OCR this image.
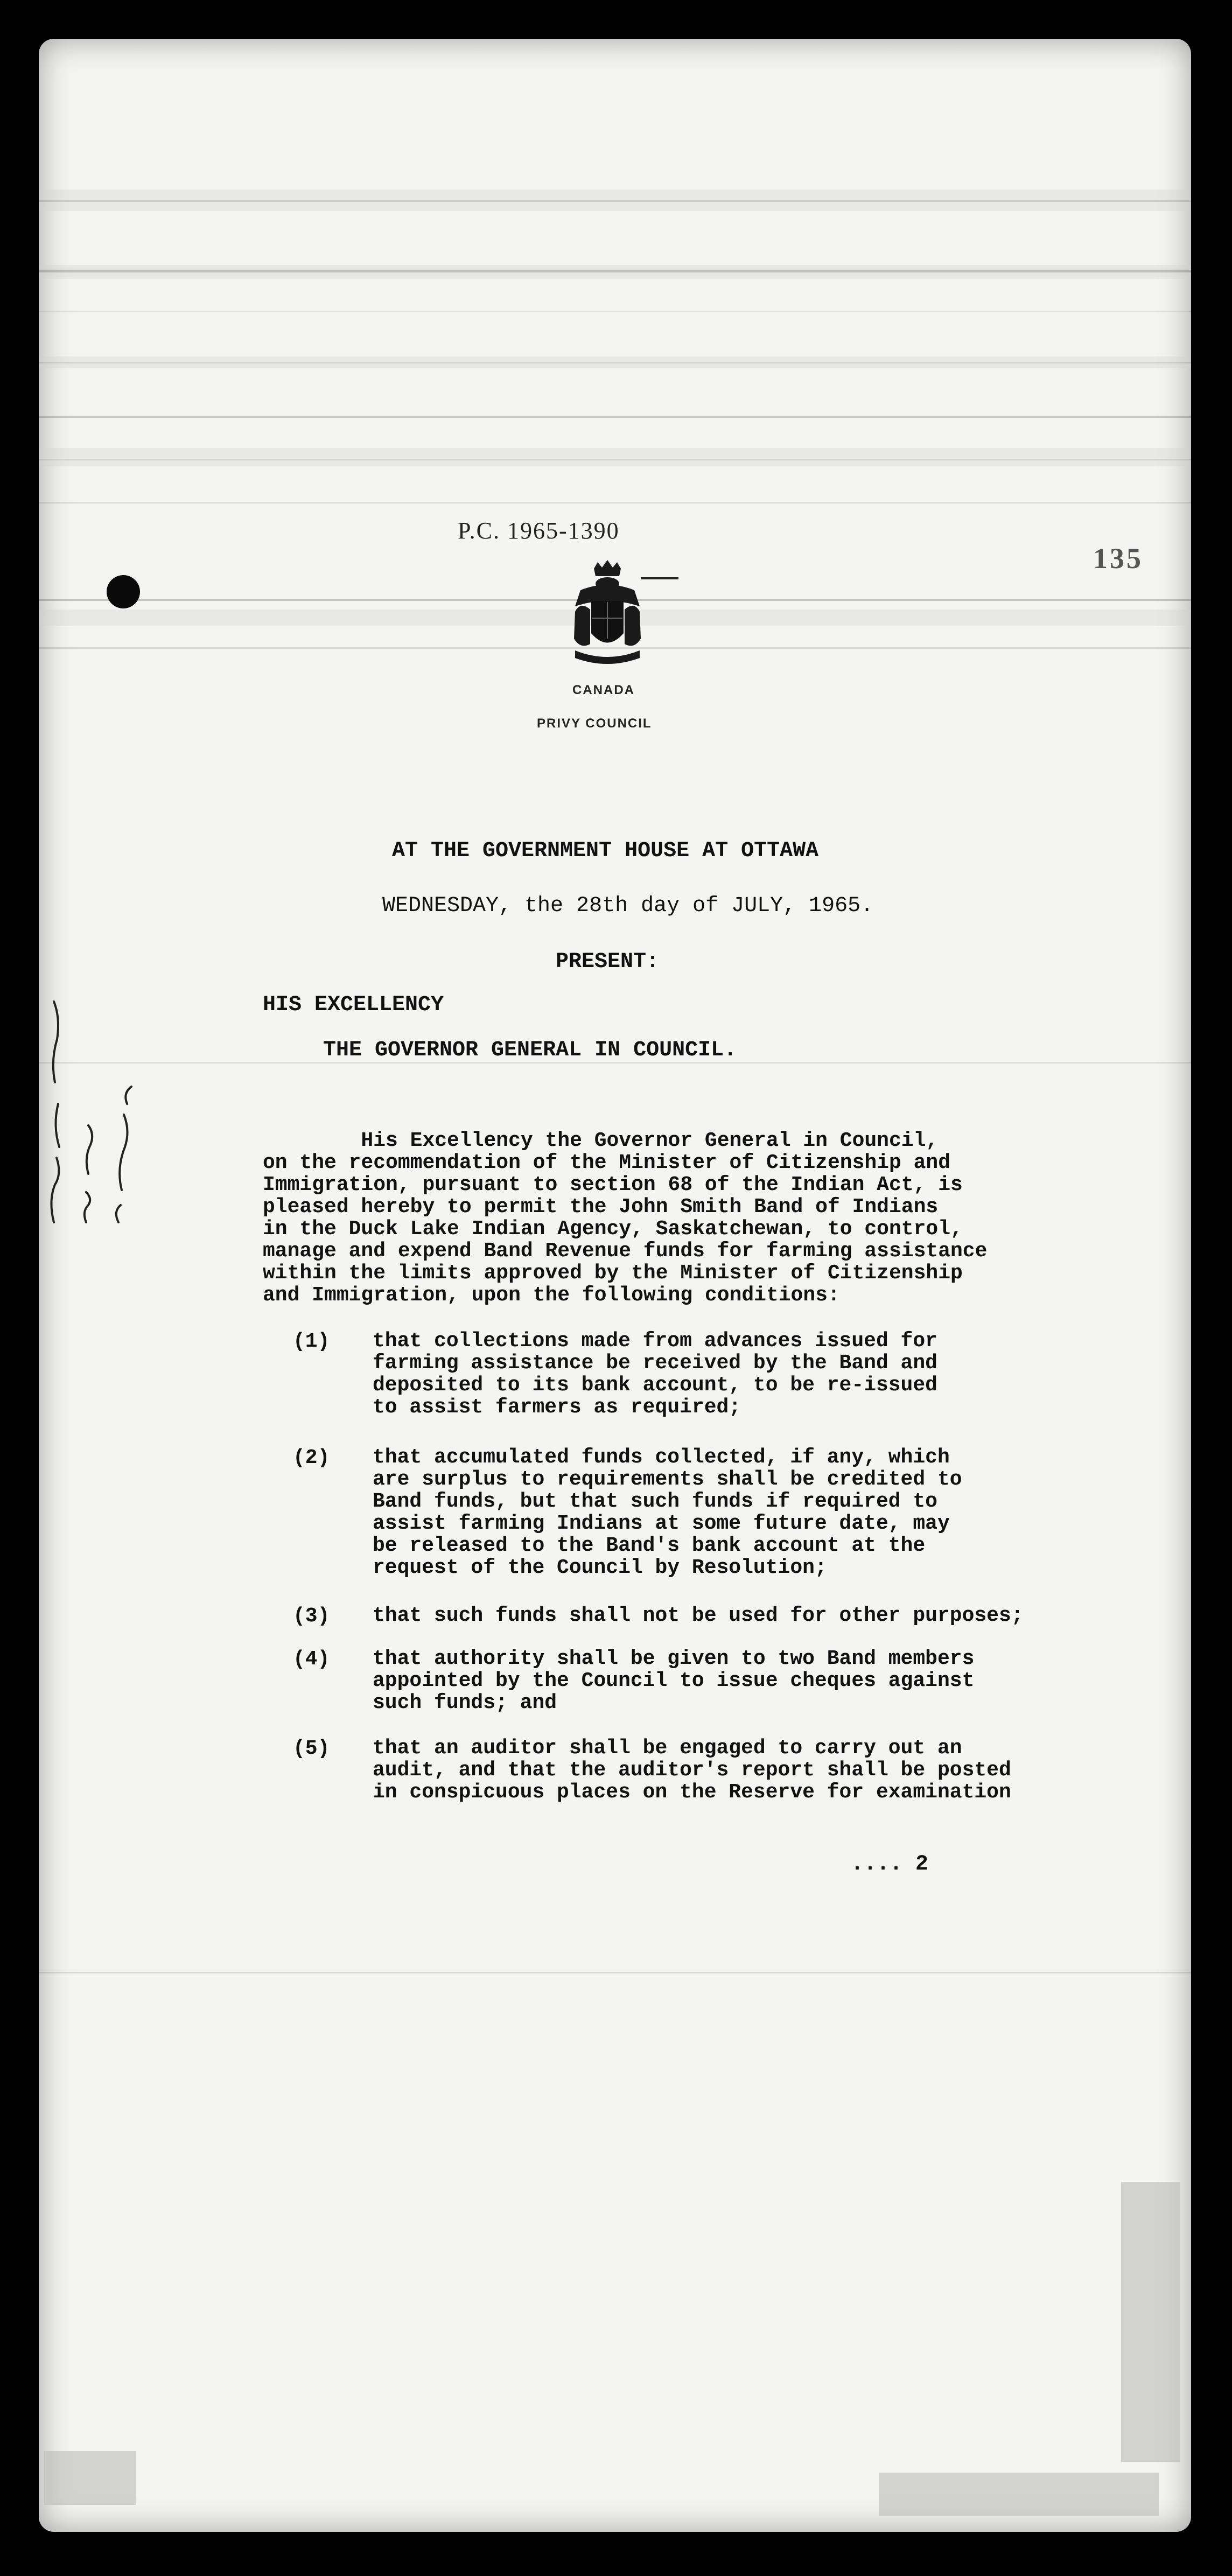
P.C. 1965-1390
135
CANADA
PRIVY COUNCIL
AT THE GOVERNMENT HOUSE AT OTTAWA
WEDNESDAY, the 28th day of JULY, 1965.
PRESENT:
HIS EXCELLENCY
THE GOVERNOR GENERAL IN COUNCIL.
His Excellency the Governor General in Council,
on the recommendation of the Minister of Citizenship and
Immigration, pursuant to section 68 of the Indian Act, is
pleased hereby to permit the John Smith Band of Indians
in the Duck Lake Indian Agency, Saskatchewan, to control,
manage and expend Band Revenue funds for farming assistance
within the limits approved by the Minister of Citizenship
and Immigration, upon the following conditions:
(1) that collections made from advances issued for
farming assistance be received by the Band and
deposited to its bank account, to be re-issued
to assist farmers as required;
(2) that accumulated funds collected, if any, which
are surplus to requirements shall be credited to
Band funds, but that such funds if required to
assist farming Indians at some future date, may
be released to the Band's bank account at the
request of the Council by Resolution;
(3) that such funds shall not be used for other purposes;
(4) that authority shall be given to two Band members
appointed by the Council to issue cheques against
such funds; and
(5) that an auditor shall be engaged to carry out an
audit, and that the auditor's report shall be posted
in conspicuous places on the Reserve for examination
.... 2
